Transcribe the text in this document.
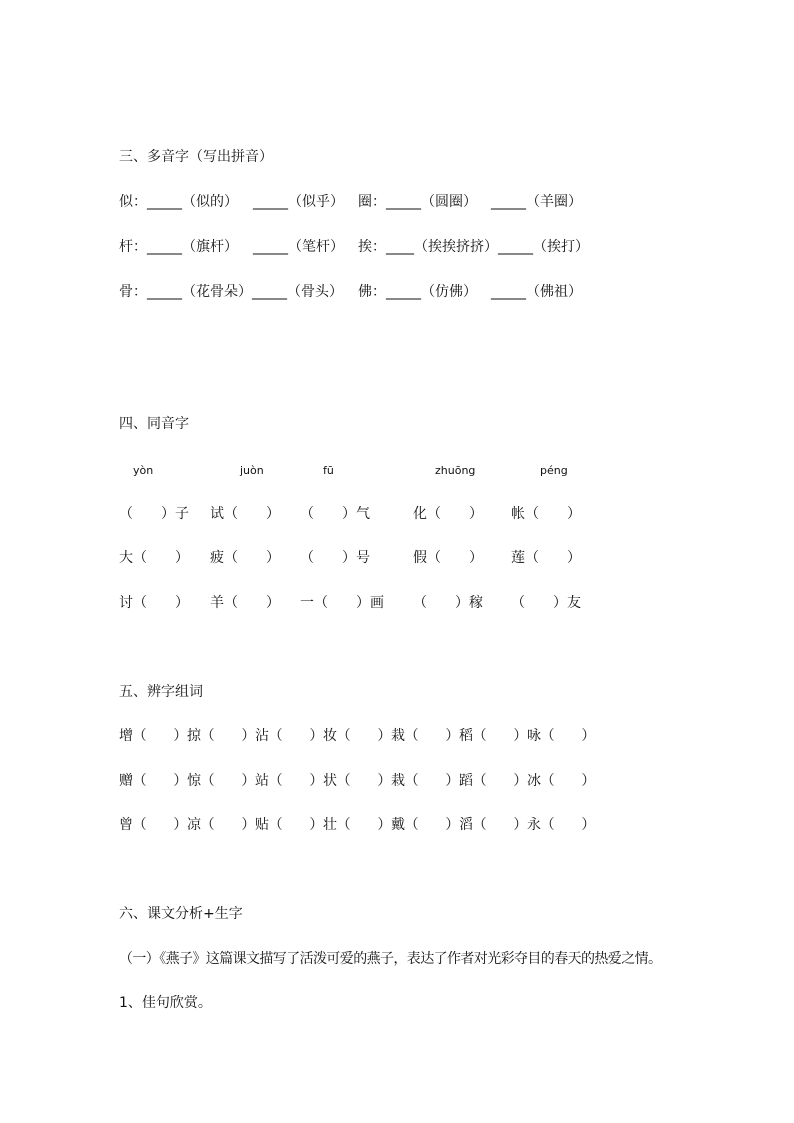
三、多音字（写出拼音）
似：_____（似的） _____（似乎） 圈：_____（圆圈） _____（羊圈）
杆：_____（旗杆） _____（笔杆） 挨：____（挨挨挤挤）_____（挨打）
骨：_____（花骨朵）_____（骨头） 佛：_____（仿佛） _____（佛祖）
四、同音字
yòn	juòn	fū	zhuōng	péng
（　　）子 试（　　） （　　）气	化（　　） 帐（　　）
大（　　） 疲（　　） （　　）号	假（　　） 莲（　　）
讨（　　） 羊（　　） 一（　　）画 （　　）稼 （　　）友
五、辨字组词
增（　　）掠（　　）沾（　　）妆（　　）栽（　　）稻（　　）咏（　　）
赠（　　）惊（　　）站（　　）状（　　）栽（　　）蹈（　　）冰（　　）
曾（　　）凉（　　）贴（　　）壮（　　）戴（　　）滔（　　）永（　　）
六、课文分析+生字
（一）《燕子》这篇课文描写了活泼可爱的燕子，表达了作者对光彩夺目的春天的热爱之情。
1、佳句欣赏。
